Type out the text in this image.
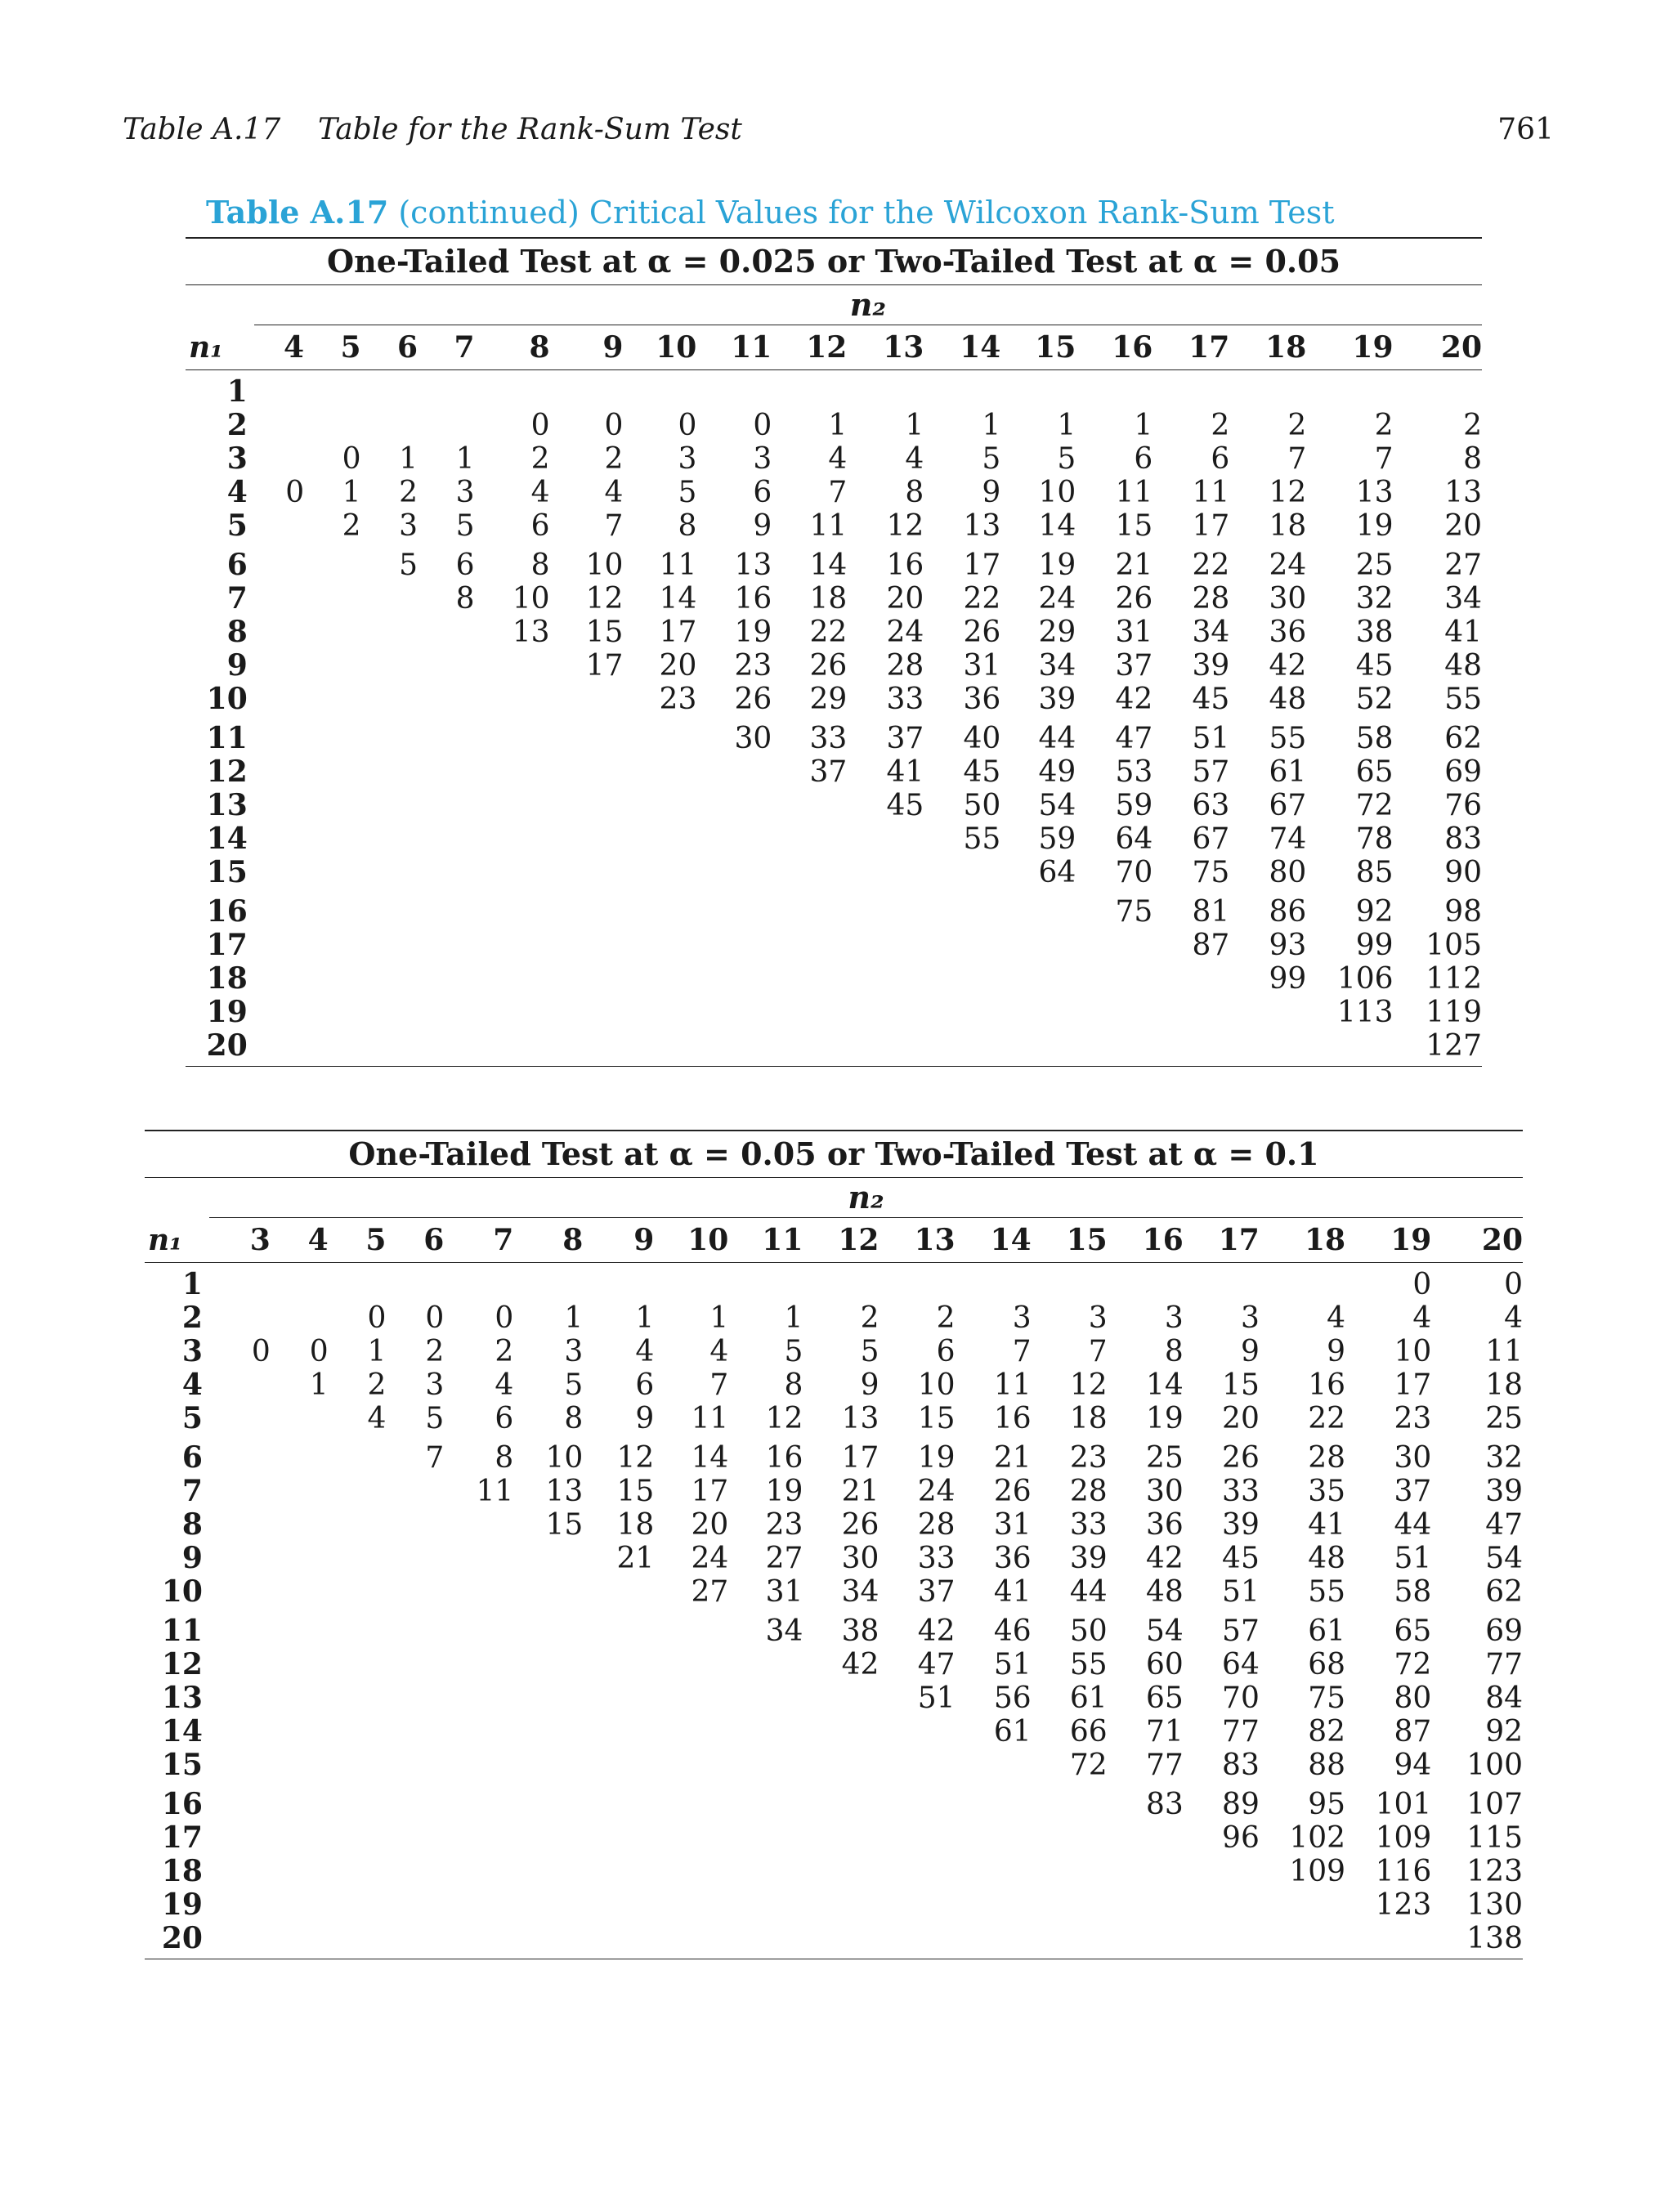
Table A.17    Table for the Rank-Sum Test	761
Table A.17 (continued) Critical Values for the Wilcoxon Rank-Sum Test
One-Tailed Test at α = 0.025 or Two-Tailed Test at α = 0.05																	
	n₂																
n₁	4	5	6	7	8	9	10	11	12	13	14	15	16	17	18	19	20
1																	
2					0	0	0	0	1	1	1	1	1	2	2	2	2
3		0	1	1	2	2	3	3	4	4	5	5	6	6	7	7	8
4	0	1	2	3	4	4	5	6	7	8	9	10	11	11	12	13	13
5		2	3	5	6	7	8	9	11	12	13	14	15	17	18	19	20
6			5	6	8	10	11	13	14	16	17	19	21	22	24	25	27
7				8	10	12	14	16	18	20	22	24	26	28	30	32	34
8					13	15	17	19	22	24	26	29	31	34	36	38	41
9						17	20	23	26	28	31	34	37	39	42	45	48
10							23	26	29	33	36	39	42	45	48	52	55
11								30	33	37	40	44	47	51	55	58	62
12									37	41	45	49	53	57	61	65	69
13										45	50	54	59	63	67	72	76
14											55	59	64	67	74	78	83
15												64	70	75	80	85	90
16													75	81	86	92	98
17														87	93	99	105
18															99	106	112
19																113	119
20																	127
One-Tailed Test at α = 0.05 or Two-Tailed Test at α = 0.1																		
	n₂																	
n₁	3	4	5	6	7	8	9	10	11	12	13	14	15	16	17	18	19	20
1																	0	0
2			0	0	0	1	1	1	1	2	2	3	3	3	3	4	4	4
3	0	0	1	2	2	3	4	4	5	5	6	7	7	8	9	9	10	11
4		1	2	3	4	5	6	7	8	9	10	11	12	14	15	16	17	18
5			4	5	6	8	9	11	12	13	15	16	18	19	20	22	23	25
6				7	8	10	12	14	16	17	19	21	23	25	26	28	30	32
7					11	13	15	17	19	21	24	26	28	30	33	35	37	39
8						15	18	20	23	26	28	31	33	36	39	41	44	47
9							21	24	27	30	33	36	39	42	45	48	51	54
10								27	31	34	37	41	44	48	51	55	58	62
11									34	38	42	46	50	54	57	61	65	69
12										42	47	51	55	60	64	68	72	77
13											51	56	61	65	70	75	80	84
14												61	66	71	77	82	87	92
15													72	77	83	88	94	100
16														83	89	95	101	107
17															96	102	109	115
18																109	116	123
19																	123	130
20																		138
